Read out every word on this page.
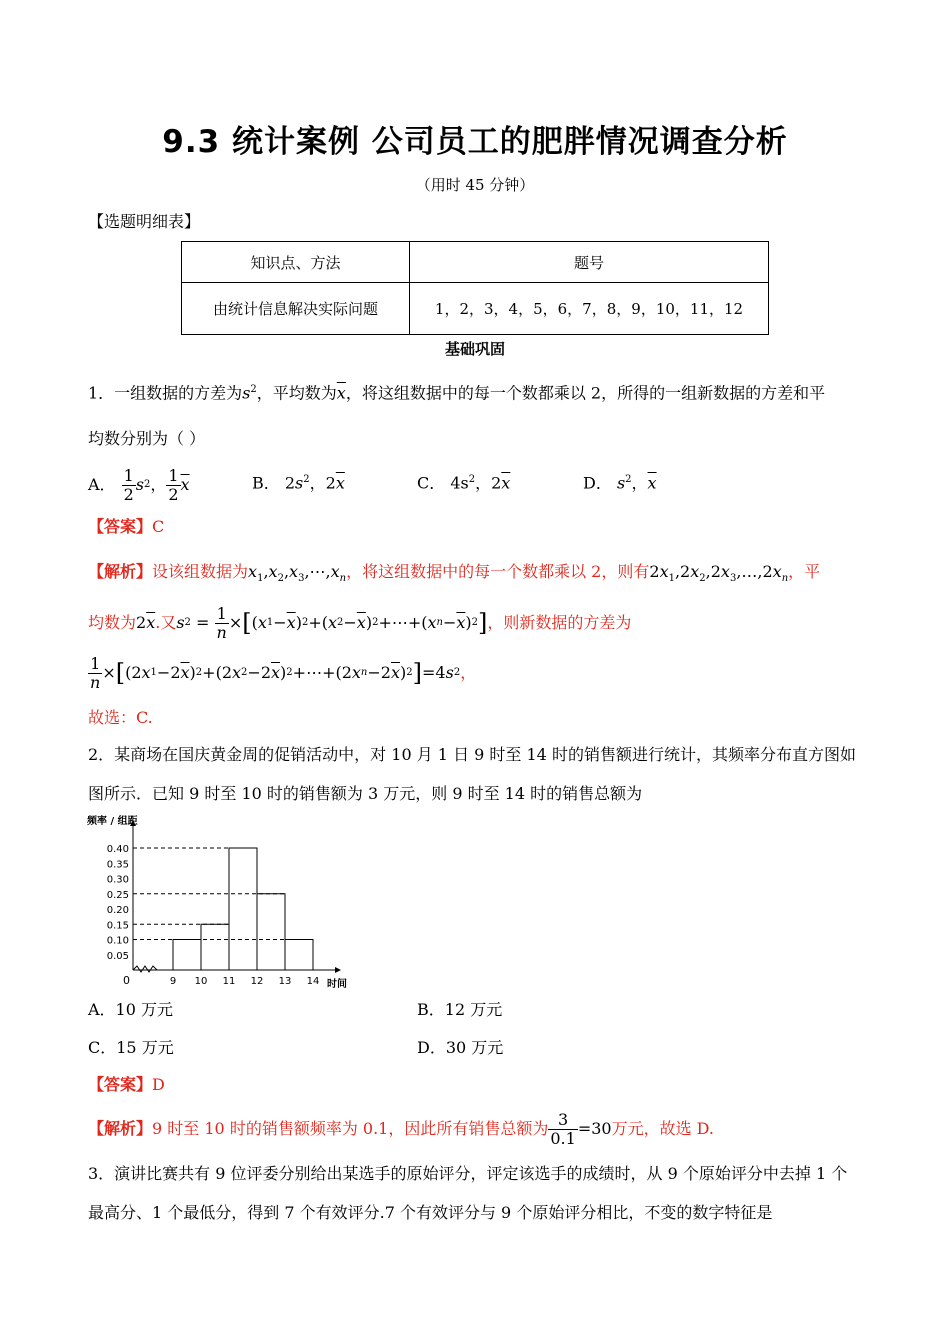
9.3 统计案例 公司员工的肥胖情况调查分析
（用时 45 分钟）
【选题明细表】
知识点、方法	题号
由统计信息解决实际问题	1，2，3，4，5，6，7，8，9，10，11，12
基础巩固
1．一组数据的方差为$s^2$，平均数为$\overline{x}$，将这组数据中的每一个数都乘以 2，所得的一组新数据的方差和平
均数分别为（ ）
A． $\frac{1}{2}$ s 2 ， $\frac{1}{2} \overline{x}$	B． $2s^2$，$2\overline{x}$	C． $4s^2$，$2\overline{x}$	D． $s^2$，$\overline{x}$
【答案】C
【解析】设该组数据为$x_1,x_2,x_3,\cdots,x_n$，将这组数据中的每一个数都乘以 2，则有$2x_1,2x_2,2x_3,\dots,2x_n$，平
均数为 $2\overline{x}$ .又 s $2 = \frac{1}{n}$ × [ ( x $1 - \overline{x}$ ) 2 +( x $2 - \overline{x}$ ) 2 +⋯+( x $n - \overline{x}$ ) 2 ] ，则新数据的方差为
$\frac{1}{n}$ × [ (2 x 1 −2 $\overline{x}$ ) 2 +(2 x 2 −2 $\overline{x}$ ) 2 +⋯+(2 x n −2 $\overline{x}$ ) 2 ] =4 s 2 ，
故选：C.
2．某商场在国庆黄金周的促销活动中，对 10 月 1 日 9 时至 14 时的销售额进行统计，其频率分布直方图如
图所示．已知 9 时至 10 时的销售额为 3 万元，则 9 时至 14 时的销售总额为
频率 / 组距
时间
0
0.05
0.10
0.15
0.20
0.25
0.30
0.35
0.40
9 10 11 12 13 14
A．10 万元	B．12 万元
C．15 万元	D．30 万元
【答案】D
【解析】 9 时至 10 时的销售额频率为 0.1，因此所有销售总额为 $\frac{3}{0.1} =30$ 万元，故选 D.
3．演讲比赛共有 9 位评委分别给出某选手的原始评分，评定该选手的成绩时，从 9 个原始评分中去掉 1 个
最高分、1 个最低分，得到 7 个有效评分.7 个有效评分与 9 个原始评分相比，不变的数字特征是
